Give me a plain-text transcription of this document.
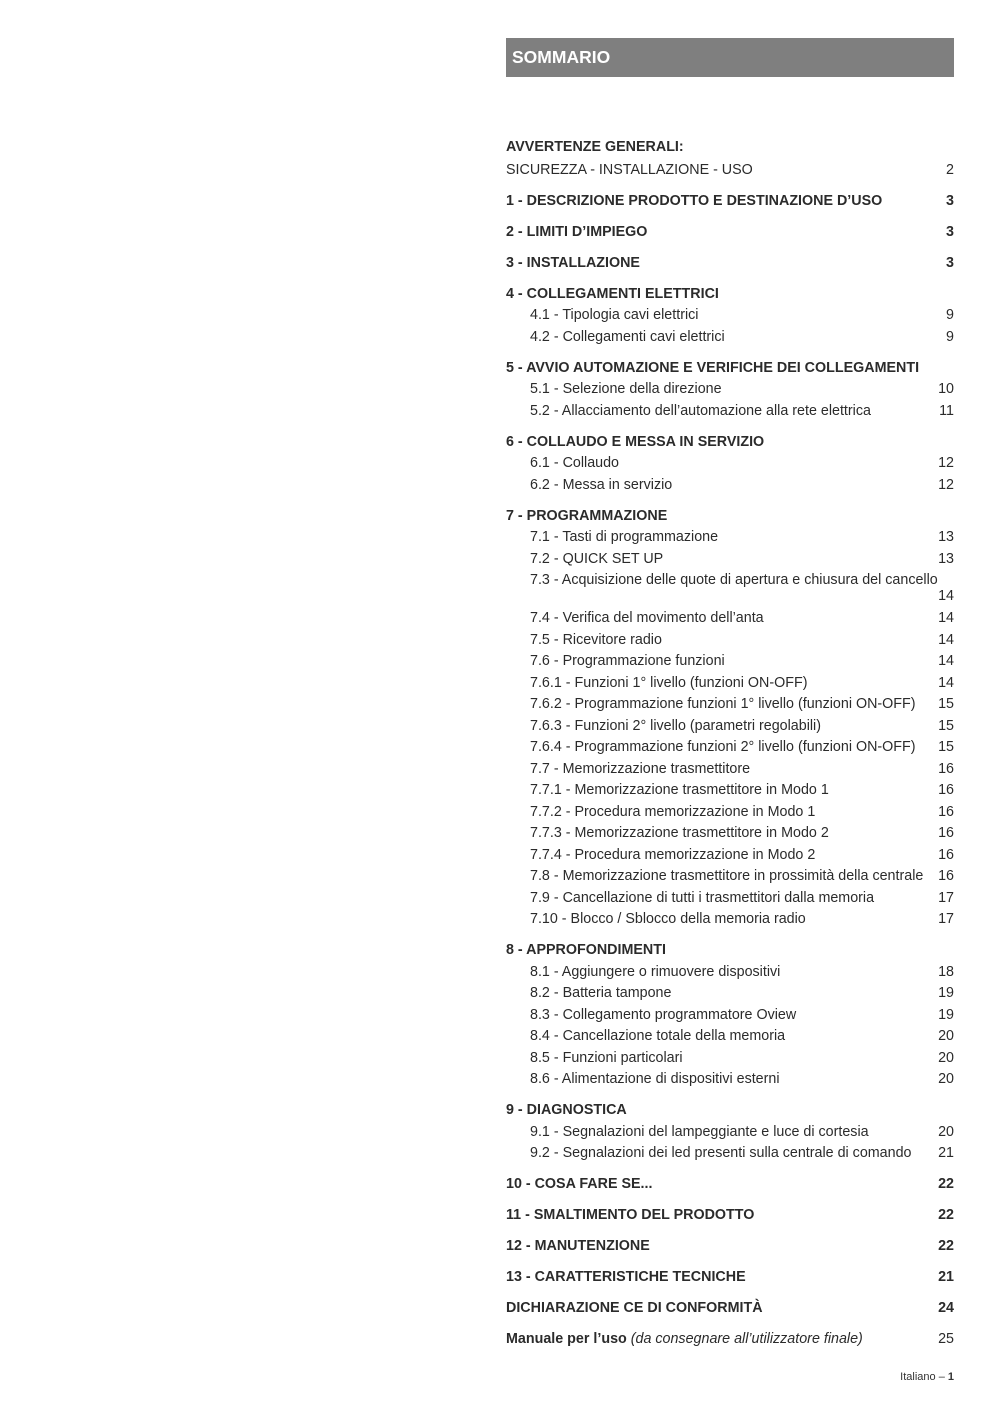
SOMMARIO
AVVERTENZE GENERALI:
SICUREZZA - INSTALLAZIONE - USO	2
1 - DESCRIZIONE PRODOTTO E DESTINAZIONE D’USO	3
2 - LIMITI D’IMPIEGO	3
3 - INSTALLAZIONE	3
4 - COLLEGAMENTI ELETTRICI
4.1 - Tipologia cavi elettrici	9
4.2 - Collegamenti cavi elettrici	9
5 - AVVIO AUTOMAZIONE E VERIFICHE DEI COLLEGAMENTI
5.1 - Selezione della direzione	10
5.2 - Allacciamento dell’automazione alla rete elettrica	11
6 - COLLAUDO E MESSA IN SERVIZIO
6.1 - Collaudo	12
6.2 - Messa in servizio	12
7 - PROGRAMMAZIONE
7.1 - Tasti di programmazione	13
7.2 - QUICK SET UP	13
7.3 - Acquisizione delle quote di apertura e chiusura del cancello
14
7.4 - Verifica del movimento dell’anta	14
7.5 - Ricevitore radio	14
7.6 - Programmazione funzioni	14
7.6.1 - Funzioni 1° livello (funzioni ON-OFF)	14
7.6.2 - Programmazione funzioni 1° livello (funzioni ON-OFF) 15
7.6.3 - Funzioni 2° livello (parametri regolabili)	15
7.6.4 - Programmazione funzioni 2° livello (funzioni ON-OFF) 15
7.7 - Memorizzazione trasmettitore	16
7.7.1 - Memorizzazione trasmettitore in Modo 1	16
7.7.2 - Procedura memorizzazione in Modo 1	16
7.7.3 - Memorizzazione trasmettitore in Modo 2	16
7.7.4 - Procedura memorizzazione in Modo 2	16
7.8 - Memorizzazione trasmettitore in prossimità della centrale 16
7.9 - Cancellazione di tutti i trasmettitori dalla memoria	17
7.10 - Blocco / Sblocco della memoria radio	17
8 - APPROFONDIMENTI
8.1 - Aggiungere o rimuovere dispositivi	18
8.2 - Batteria tampone	19
8.3 - Collegamento programmatore Oview	19
8.4 - Cancellazione totale della memoria	20
8.5 - Funzioni particolari	20
8.6 - Alimentazione di dispositivi esterni	20
9 - DIAGNOSTICA
9.1 - Segnalazioni del lampeggiante e luce di cortesia	20
9.2 - Segnalazioni dei led presenti sulla centrale di comando 21
10 - COSA FARE SE...	22
11 - SMALTIMENTO DEL PRODOTTO	22
12 - MANUTENZIONE	22
13 - CARATTERISTICHE TECNICHE	21
DICHIARAZIONE CE DI CONFORMITÀ	24
Manuale per l’uso (da consegnare all’utilizzatore finale)	25
Italiano – 1
